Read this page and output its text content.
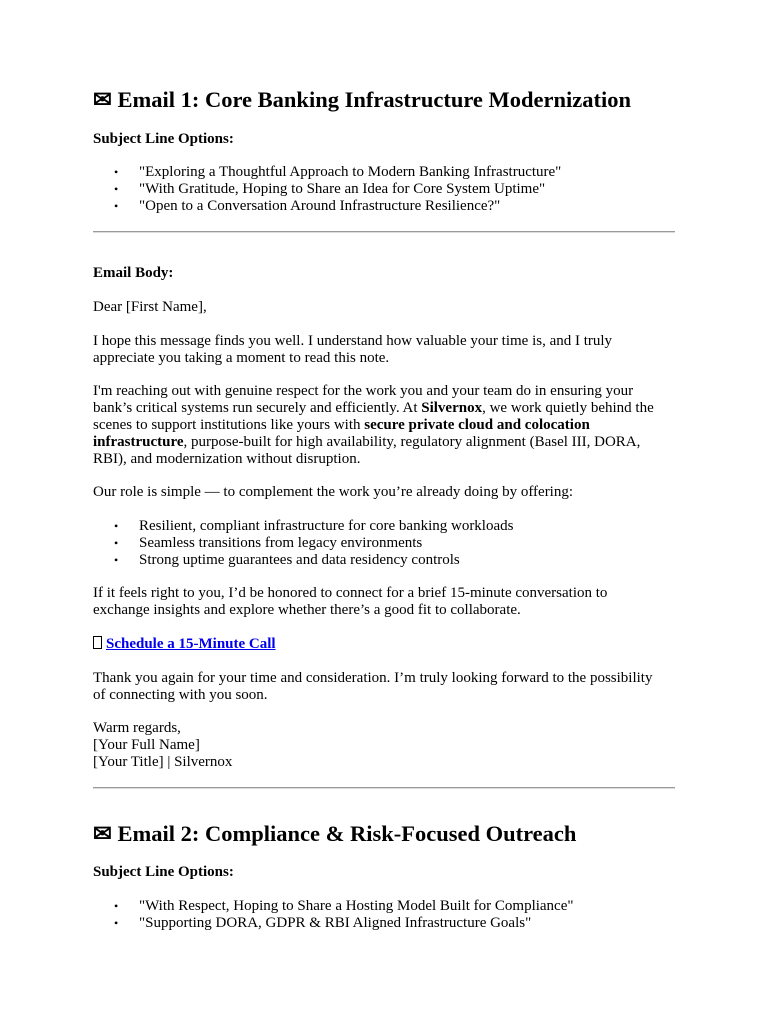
✉ Email 1: Core Banking Infrastructure Modernization
Subject Line Options:
• "Exploring a Thoughtful Approach to Modern Banking Infrastructure"
• "With Gratitude, Hoping to Share an Idea for Core System Uptime"
• "Open to a Conversation Around Infrastructure Resilience?"
Email Body:

Dear [First Name],

I hope this message finds you well. I understand how valuable your time is, and I truly
appreciate you taking a moment to read this note.

I'm reaching out with genuine respect for the work you and your team do in ensuring your
bank’s critical systems run securely and efficiently. At Silvernox, we work quietly behind the
scenes to support institutions like yours with secure private cloud and colocation
infrastructure, purpose-built for high availability, regulatory alignment (Basel III, DORA,
RBI), and modernization without disruption.

Our role is simple — to complement the work you’re already doing by offering:

• Resilient, compliant infrastructure for core banking workloads
• Seamless transitions from legacy environments
• Strong uptime guarantees and data residency controls

If it feels right to you, I’d be honored to connect for a brief 15-minute conversation to
exchange insights and explore whether there’s a good fit to collaborate.

Schedule a 15-Minute Call

Thank you again for your time and consideration. I’m truly looking forward to the possibility
of connecting with you soon.

Warm regards,
[Your Full Name]
[Your Title] | Silvernox

✉ Email 2: Compliance & Risk-Focused Outreach
Subject Line Options:
• "With Respect, Hoping to Share a Hosting Model Built for Compliance"
• "Supporting DORA, GDPR & RBI Aligned Infrastructure Goals"
